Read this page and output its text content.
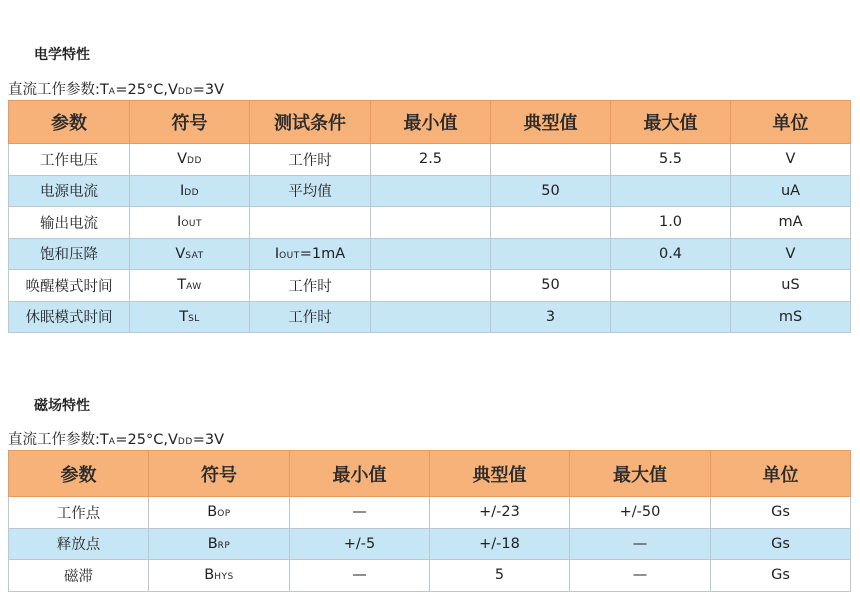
电学特性
直流工作参数:TA=25°C,VDD=3V
参数	符号	测试条件	最小值	典型值	最大值	单位
工作电压	VDD	工作时	2.5		5.5	V
电源电流	IDD	平均值		50		uA
输出电流	IOUT				1.0	mA
饱和压降	VSAT	IOUT=1mA			0.4	V
唤醒模式时间	TAW	工作时		50		uS
休眠模式时间	TSL	工作时		3		mS
磁场特性
直流工作参数:TA=25°C,VDD=3V
参数	符号	最小值	典型值	最大值	单位
工作点	BOP	—	+/-23	+/-50	Gs
释放点	BRP	+/-5	+/-18	—	Gs
磁滞	BHYS	—	5	—	Gs
